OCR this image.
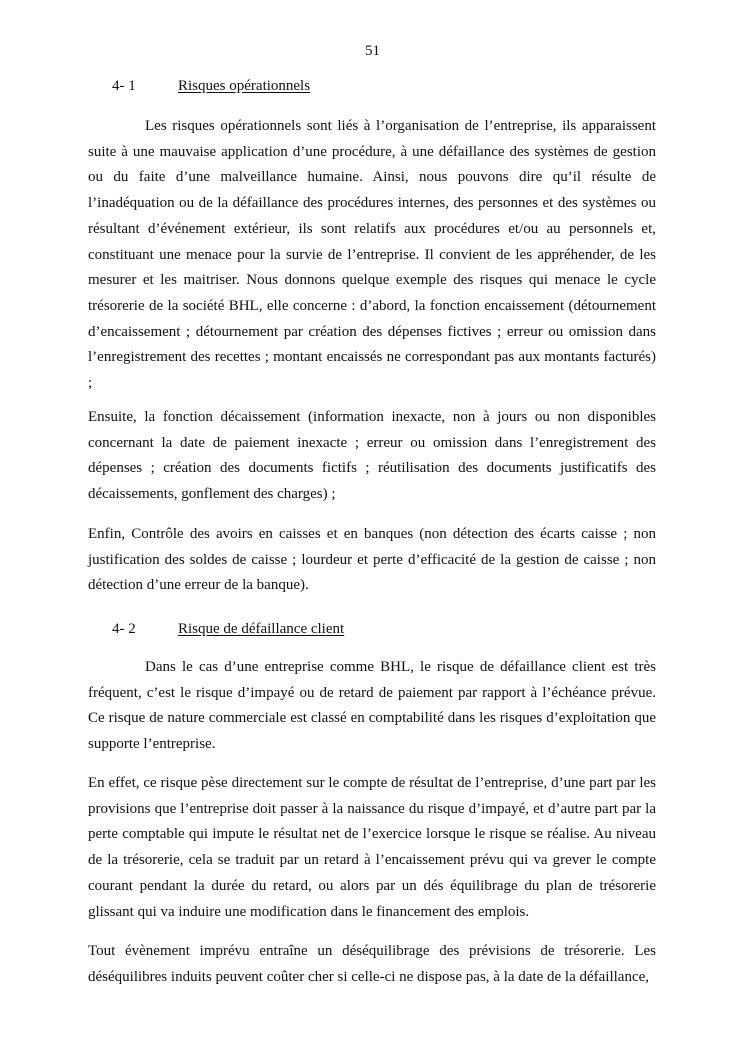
51
4- 1	Risques opérationnels

Les risques opérationnels sont liés à l’organisation de l’entreprise, ils apparaissent suite à une mauvaise application d’une procédure, à une défaillance des systèmes de gestion ou du faite d’une malveillance humaine. Ainsi, nous pouvons dire qu’il résulte de l’inadéquation ou de la défaillance des procédures internes, des personnes et des systèmes ou résultant d’événement extérieur, ils sont relatifs aux procédures et/ou au personnels et, constituant une menace pour la survie de l’entreprise. Il convient de les appréhender, de les mesurer et les maitriser. Nous donnons quelque exemple des risques qui menace le cycle trésorerie de la société BHL, elle concerne : d’abord, la fonction encaissement (détournement d’encaissement ; détournement par création des dépenses fictives ; erreur ou omission dans l’enregistrement des recettes ; montant encaissés ne correspondant pas aux montants facturés) ;

Ensuite, la fonction décaissement (information inexacte, non à jours ou non disponibles concernant la date de paiement inexacte ; erreur ou omission dans l’enregistrement des dépenses ; création des documents fictifs ; réutilisation des documents justificatifs des décaissements, gonflement des charges) ;

Enfin, Contrôle des avoirs en caisses et en banques (non détection des écarts caisse ; non justification des soldes de caisse ; lourdeur et perte d’efficacité de la gestion de caisse ; non détection d’une erreur de la banque).

4- 2	Risque de défaillance client

Dans le cas d’une entreprise comme BHL, le risque de défaillance client est très fréquent, c’est le risque d’impayé ou de retard de paiement par rapport à l’échéance prévue. Ce risque de nature commerciale est classé en comptabilité dans les risques d’exploitation que supporte l’entreprise.

En effet, ce risque pèse directement sur le compte de résultat de l’entreprise, d’une part par les provisions que l’entreprise doit passer à la naissance du risque d’impayé, et d’autre part par la perte comptable qui impute le résultat net de l’exercice lorsque le risque se réalise. Au niveau de la trésorerie, cela se traduit par un retard à l’encaissement prévu qui va grever le compte courant pendant la durée du retard, ou alors par un dés équilibrage du plan de trésorerie glissant qui va induire une modification dans le financement des emplois.

Tout évènement imprévu entraîne un déséquilibrage des prévisions de trésorerie. Les déséquilibres induits peuvent coûter cher si celle-ci ne dispose pas, à la date de la défaillance,
